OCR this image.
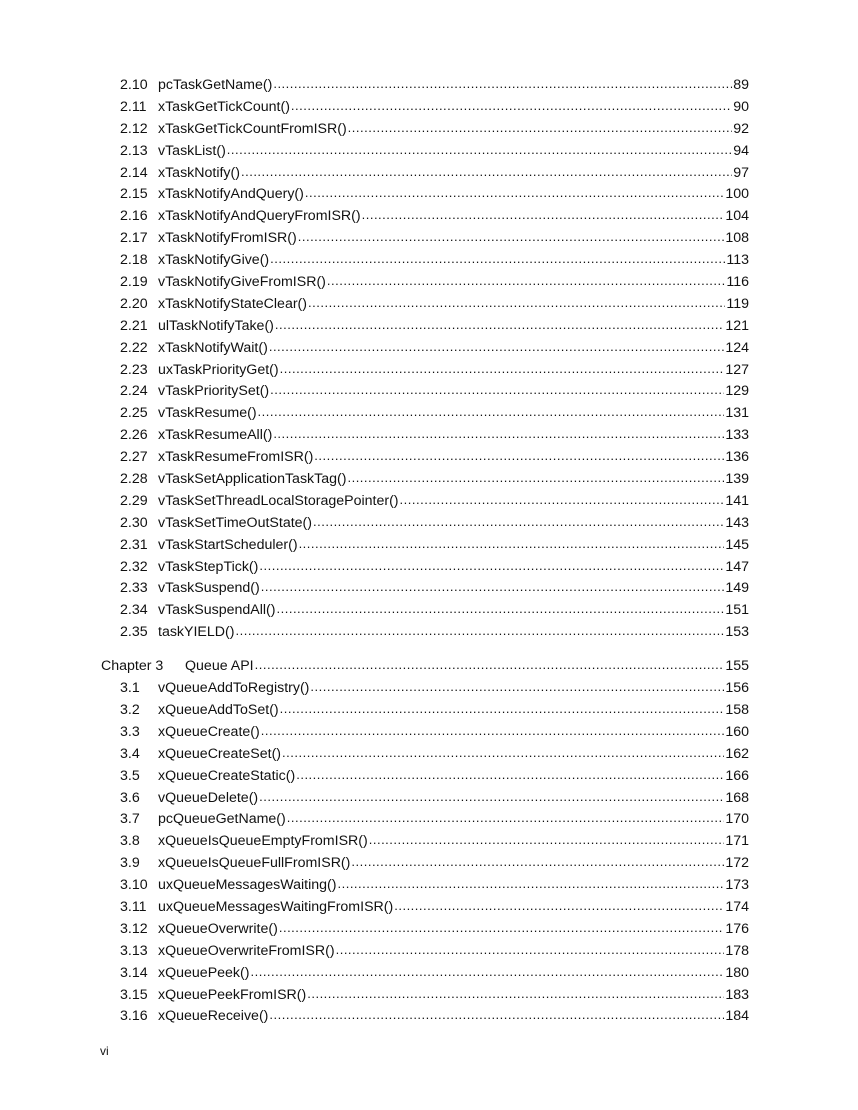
2.10 pcTaskGetName() .....	89
2.11 xTaskGetTickCount() .....	90
2.12 xTaskGetTickCountFromISR() .....	92
2.13 vTaskList() .....	94
2.14 xTaskNotify() .....	97
2.15 xTaskNotifyAndQuery() .....	100
2.16 xTaskNotifyAndQueryFromISR() .....	104
2.17 xTaskNotifyFromISR() .....	108
2.18 xTaskNotifyGive() .....	113
2.19 vTaskNotifyGiveFromISR() .....	116
2.20 xTaskNotifyStateClear() .....	119
2.21 ulTaskNotifyTake() .....	121
2.22 xTaskNotifyWait() .....	124
2.23 uxTaskPriorityGet() .....	127
2.24 vTaskPrioritySet() .....	129
2.25 vTaskResume() .....	131
2.26 xTaskResumeAll() .....	133
2.27 xTaskResumeFromISR() .....	136
2.28 vTaskSetApplicationTaskTag() .....	139
2.29 vTaskSetThreadLocalStoragePointer() .....	141
2.30 vTaskSetTimeOutState() .....	143
2.31 vTaskStartScheduler() .....	145
2.32 vTaskStepTick() .....	147
2.33 vTaskSuspend() .....	149
2.34 vTaskSuspendAll() .....	151
2.35 taskYIELD() .....	153
Chapter 3	Queue API .....	155
3.1	vQueueAddToRegistry() .....	156
3.2	xQueueAddToSet() .....	158
3.3	xQueueCreate() .....	160
3.4	xQueueCreateSet() .....	162
3.5	xQueueCreateStatic() .....	166
3.6	vQueueDelete() .....	168
3.7	pcQueueGetName() .....	170
3.8	xQueueIsQueueEmptyFromISR() .....	171
3.9	xQueueIsQueueFullFromISR() .....	172
3.10 uxQueueMessagesWaiting() .....	173
3.11 uxQueueMessagesWaitingFromISR() .....	174
3.12 xQueueOverwrite() .....	176
3.13 xQueueOverwriteFromISR() .....	178
3.14 xQueuePeek() .....	180
3.15 xQueuePeekFromISR() .....	183
3.16 xQueueReceive() .....	184
vi
